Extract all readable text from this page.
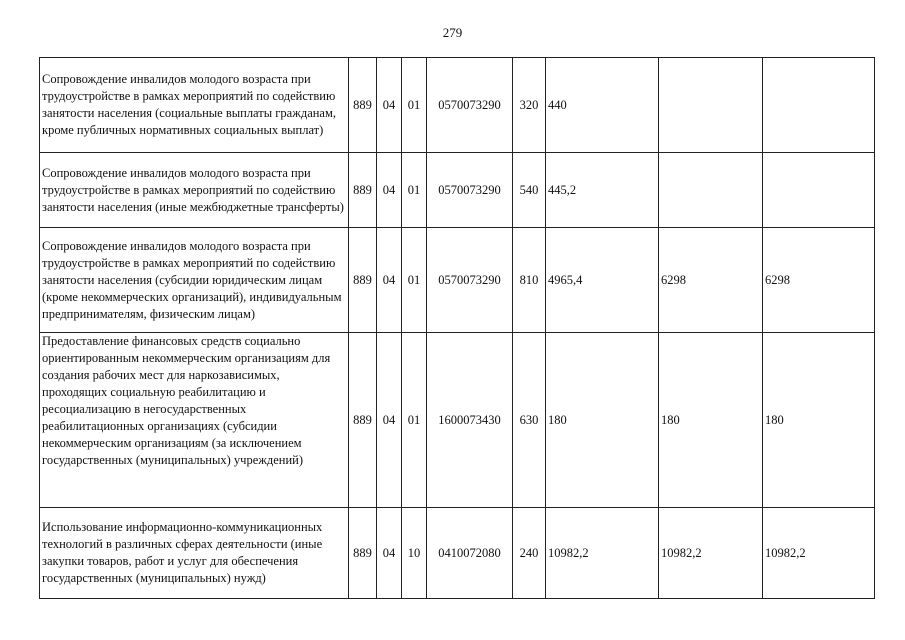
279
Сопровождение инвалидов молодого возраста при трудоустройстве в рамках мероприятий по содействию занятости населения (социальные выплаты гражданам, кроме публичных нормативных социальных выплат)	889	04	01	0570073290	320	440		
Сопровождение инвалидов молодого возраста при трудоустройстве в рамках мероприятий по содействию занятости населения (иные межбюджетные трансферты)	889	04	01	0570073290	540	445,2		
Сопровождение инвалидов молодого возраста при трудоустройстве в рамках мероприятий по содействию занятости населения (субсидии юридическим лицам (кроме некоммерческих организаций), индивидуальным предпринимателям, физическим лицам)	889	04	01	0570073290	810	4965,4	6298	6298
Предоставление финансовых средств социально ориентированным некоммерческим организациям для создания рабочих мест для наркозависимых, проходящих социальную реабилитацию и ресоциализацию в негосударственных реабилитационных организациях (субсидии некоммерческим организациям (за исключением государственных (муниципальных) учреждений)	889	04	01	1600073430	630	180	180	180
Использование информационно-коммуникационных технологий в различных сферах деятельности (иные закупки товаров, работ и услуг для обеспечения государственных (муниципальных) нужд)	889	04	10	0410072080	240	10982,2	10982,2	10982,2
